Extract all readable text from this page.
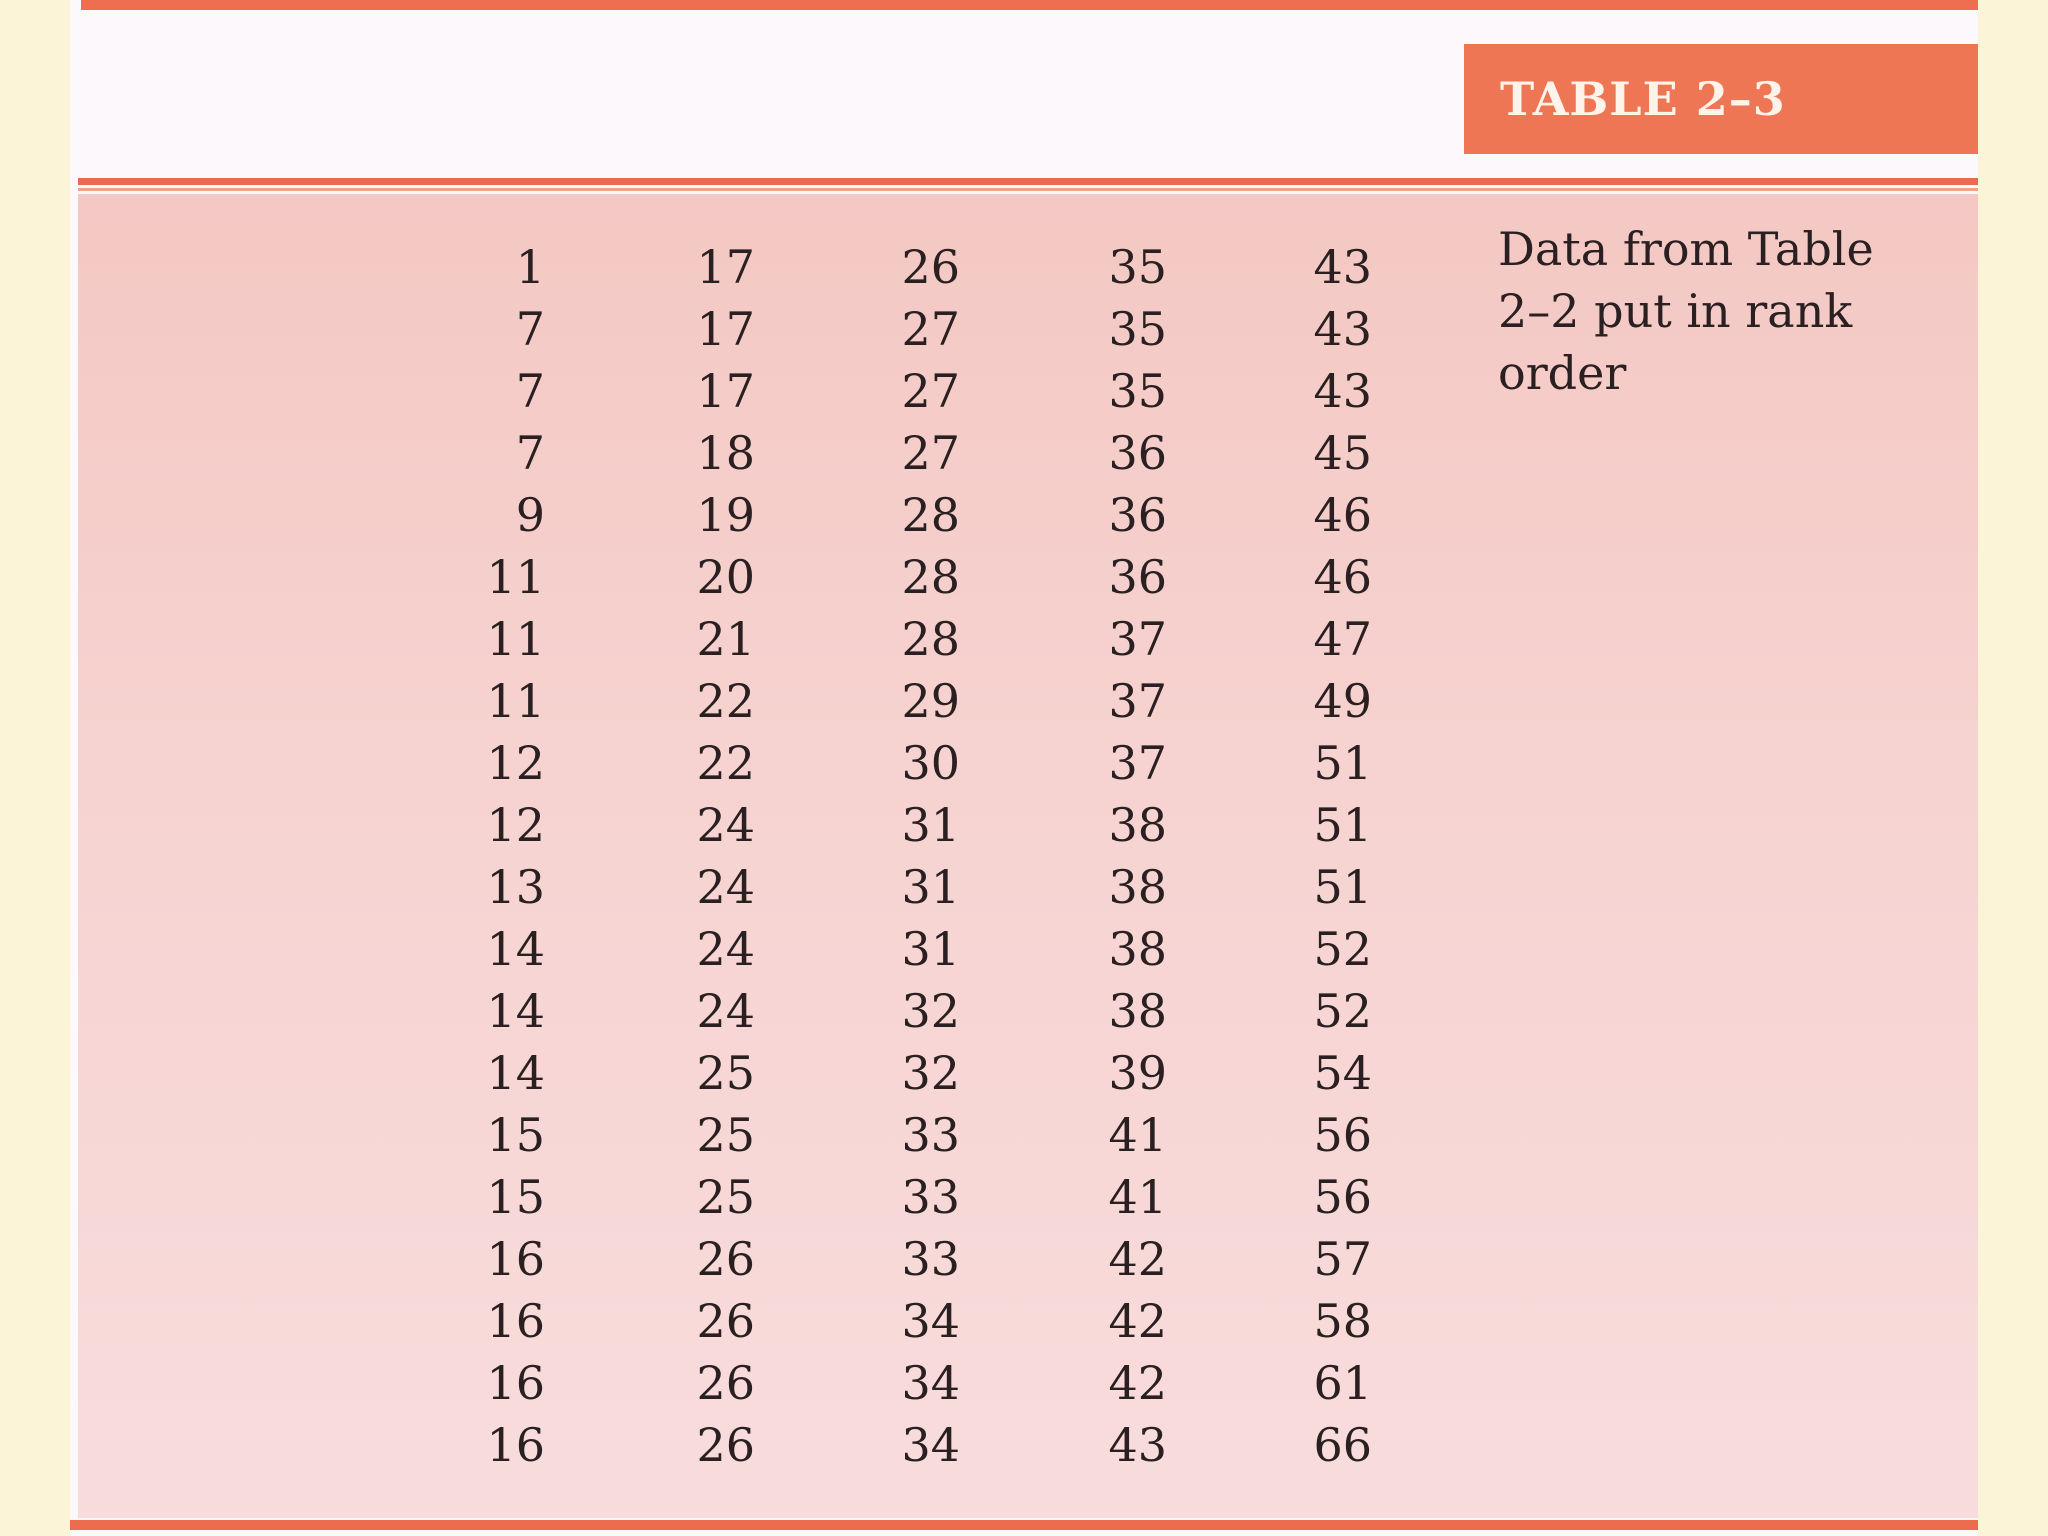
TABLE 2–3
1	17	26	35	43
7	17	27	35	43
7	17	27	35	43
7	18	27	36	45
9	19	28	36	46
11	20	28	36	46
11	21	28	37	47
11	22	29	37	49
12	22	30	37	51
12	24	31	38	51
13	24	31	38	51
14	24	31	38	52
14	24	32	38	52
14	25	32	39	54
15	25	33	41	56
15	25	33	41	56
16	26	33	42	57
16	26	34	42	58
16	26	34	42	61
16	26	34	43	66
Data from Table 2–2 put in rank order
